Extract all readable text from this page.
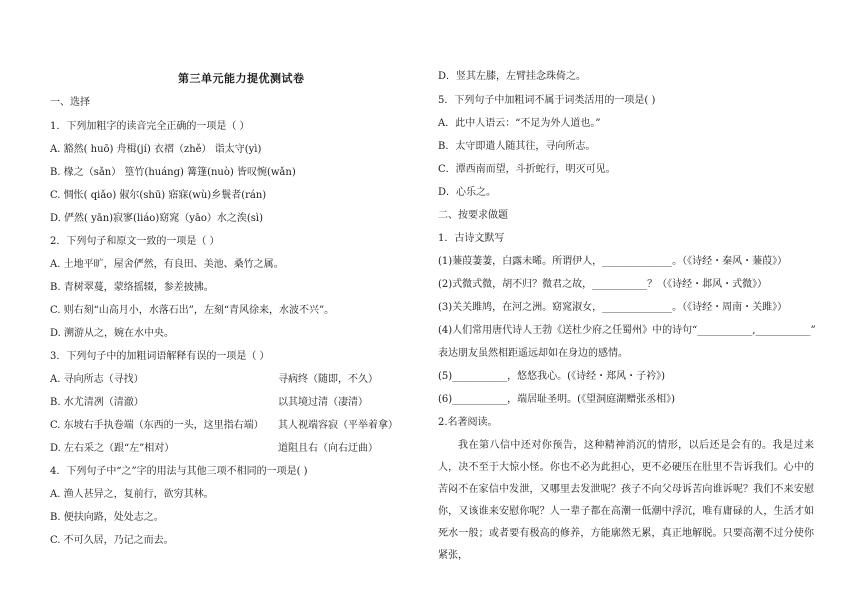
第三单元能力提优测试卷
一、选择
1．下列加粗字的读音完全正确的一项是（ ）
A. 豁然( huō) 舟楫(jí) 衣褶（zhě） 诣太守(yì)
B. 椽之（sǎn） 篁竹(huáng) 篝篷(nuò) 皆叹惋(wǎn)
C. 惆怅( qiǎo) 俶尔(shū) 寤寐(wù)乡鬟者(rán)
D. 俨然( yān)寂寥(liáo)窈窕（yāo）水之涘(sì)
2．下列句子和原文一致的一项是（ ）
A. 土地平旷，屋舍俨然，有良田、美池、桑竹之属。
B. 青树翠蔓，蒙络摇辍，参差披拂。
C. 则右刻“山高月小，水落石出”，左刻“青风徐来，水波不兴”。
D. 溯游从之，婉在水中央。
3．下列句子中的加粗词语解释有误的一项是（ ）
A. 寻向所志（寻找）	寻病终（随即，不久）
B. 水尤清冽（清澈）	以其境过清（凄清）
C. 东坡右手执卷端（东西的一头，这里指右端） 其人视端容寂（平举着拿）
D. 左右采之（跟“左”相对）	道阻且右（向右迂曲）
4．下列句子中“之”字的用法与其他三项不相同的一项是( )
A. 渔人甚异之，复前行，欲穷其林。
B. 便扶向路，处处志之。
C. 不可久居，乃记之而去。
D．竖其左膝，左臂挂念珠倚之。
5．下列句子中加粗词不属于词类活用的一项是( )
A．此中人语云：“不足为外人道也。”
B．太守即遣人随其往，寻向所志。
C．潭西南而望，斗折蛇行，明灭可见。
D．心乐之。
二、按要求做题
1．古诗文默写
(1)蒹葭萋萋，白露未晞。所谓伊人，______________。（《诗经・秦风・蒹葭》）
(2)式微式微，胡不归？微君之故，___________？（《诗经・邶风・式微》）
(3)关关雎鸠，在河之洲。窈窕淑女，______________。（《诗经・周南・关雎》）
(4)人们常用唐代诗人王勃《送杜少府之任蜀州》中的诗句“___________,___________”
表达朋友虽然相距遥远却如在身边的感情。
(5)___________，悠悠我心。(《诗经・郑风・子衿》)
(6)___________，端居耻圣明。(《望洞庭湖赠张丞相》)
2.名著阅读。
我在第八信中还对你预告，这种精神消沉的情形，以后还是会有的。我是过来人，决不至于大惊小怪。你也不必为此担心，更不必硬压在肚里不告诉我们。心中的苦闷不在家信中发泄，又哪里去发泄呢？孩子不向父母诉苦向谁诉呢？我们不来安慰你，又该谁来安慰你呢？人一辈子都在高潮一低潮中浮沉，唯有庸碌的人，生活才如死水一般；或者要有极高的修养，方能廓然无累，真正地解脱。只要高潮不过分使你紧张，
